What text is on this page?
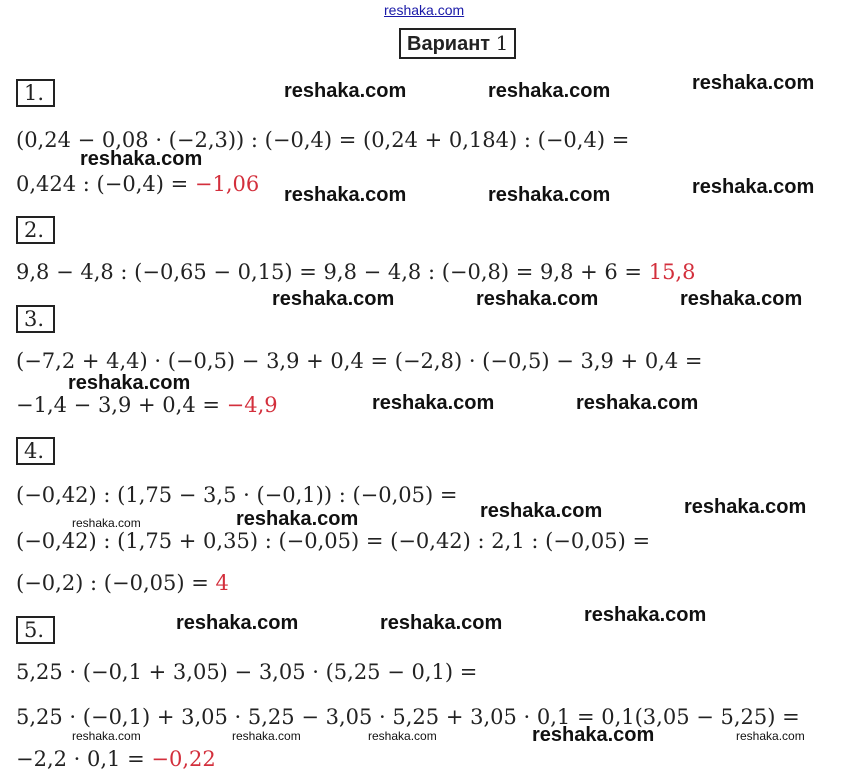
reshaka.com
Вариант 1
1.
(0,24 − 0,08 · (−2,3)) : (−0,4) = (0,24 + 0,184) : (−0,4) =
0,424 : (−0,4) = −1,06
2.
9,8 − 4,8 : (−0,65 − 0,15) = 9,8 − 4,8 : (−0,8) = 9,8 + 6 = 15,8
3.
(−7,2 + 4,4) · (−0,5) − 3,9 + 0,4 = (−2,8) · (−0,5) − 3,9 + 0,4 =
−1,4 − 3,9 + 0,4 = −4,9
4.
(−0,42) : (1,75 − 3,5 · (−0,1)) : (−0,05) =
(−0,42) : (1,75 + 0,35) : (−0,05) = (−0,42) : 2,1 : (−0,05) =
(−0,2) : (−0,05) = 4
5.
5,25 · (−0,1 + 3,05) − 3,05 · (5,25 − 0,1) =
5,25 · (−0,1) + 3,05 · 5,25 − 3,05 · 5,25 + 3,05 · 0,1 = 0,1(3,05 − 5,25) =
−2,2 · 0,1 = −0,22
reshaka.com	reshaka.com	reshaka.com
reshaka.com
reshaka.com	reshaka.com	reshaka.com
reshaka.com	reshaka.com	reshaka.com
reshaka.com
reshaka.com	reshaka.com
reshaka.com	reshaka.com	reshaka.com	reshaka.com
reshaka.com	reshaka.com	reshaka.com
reshaka.com	reshaka.com	reshaka.com	reshaka.com	reshaka.com
